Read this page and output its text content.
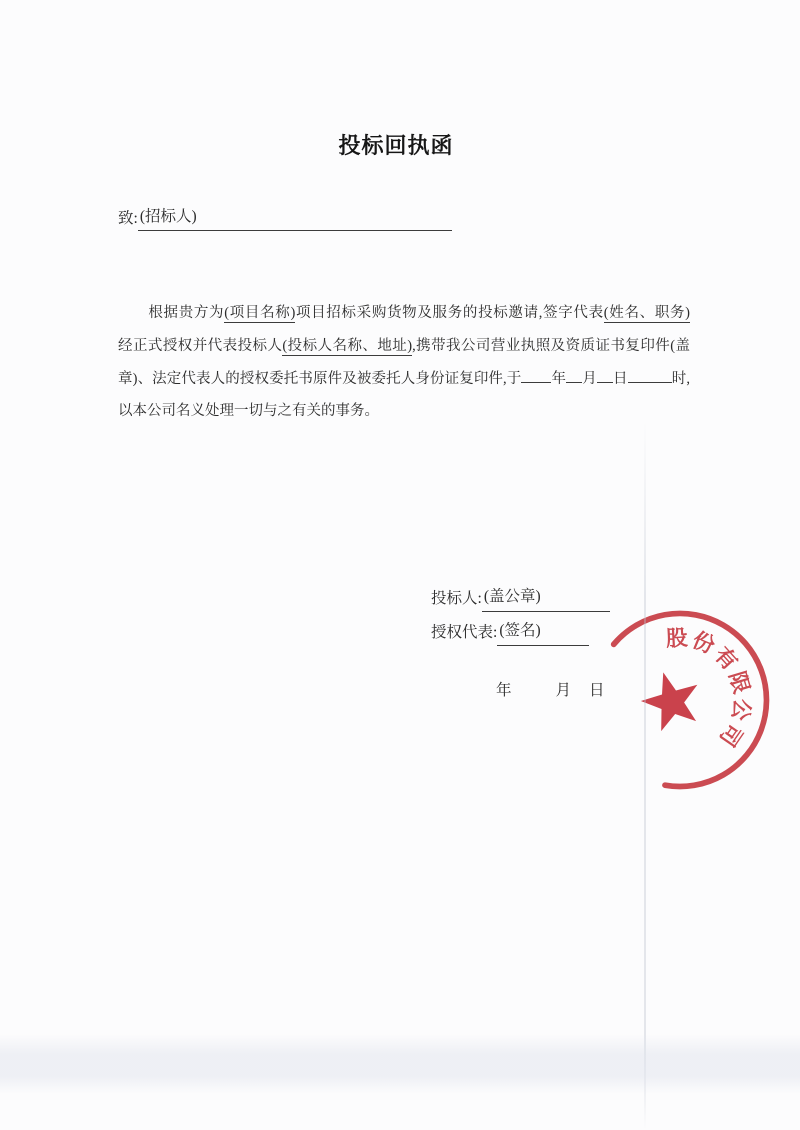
投标回执函
致: (招标人)
　　根据贵方为(项目名称)项目招标采购货物及服务的投标邀请,签字代表(姓名、职务)
经正式授权并代表投标人(投标人名称、地址),携带我公司营业执照及资质证书复印件(盖
章)、法定代表人的授权委托书原件及被委托人身份证复印件,于 年 月 日	时,
以本公司名义处理一切与之有关的事务。
投标人: (盖公章)
授权代表: (签名)
年	月 日
股 份
有
限
公
司
